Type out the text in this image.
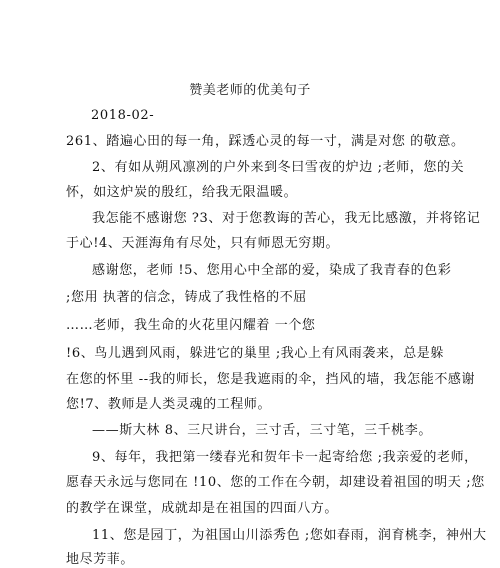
赞美老师的优美句子
2018-02-
261、踏遍心田的每一角，踩透心灵的每一寸，满是对您 的敬意。
2、有如从朔风凛冽的户外来到冬曰雪夜的炉边 ;老师，您的关
怀，如这炉炭的殷红，给我无限温暖。
我怎能不感谢您 ?3、对于您教诲的苦心，我无比感激，并将铭记
于心!4、天涯海角有尽处，只有师恩无穷期。
感谢您，老师 !5、您用心中全部的爱，染成了我青春的色彩
;您用 执著的信念，铸成了我性格的不屈
……老师，我生命的火花里闪耀着 一个您
!6、鸟儿遇到风雨，躲进它的巢里 ;我心上有风雨袭来，总是躲
在您的怀里 --我的师长，您是我遮雨的伞，挡风的墙，我怎能不感谢
您!7、教师是人类灵魂的工程师。
——斯大林 8、三尺讲台，三寸舌，三寸笔，三千桃李。
9、每年，我把第一缕春光和贺年卡一起寄给您 ;我亲爱的老师，
愿春天永远与您同在 !10、您的工作在今朝，却建设着祖国的明天 ;您
的教学在课堂，成就却是在祖国的四面八方。
11、您是园丁，为祖国山川添秀色 ;您如春雨，润育桃李，神州大
地尽芳菲。
